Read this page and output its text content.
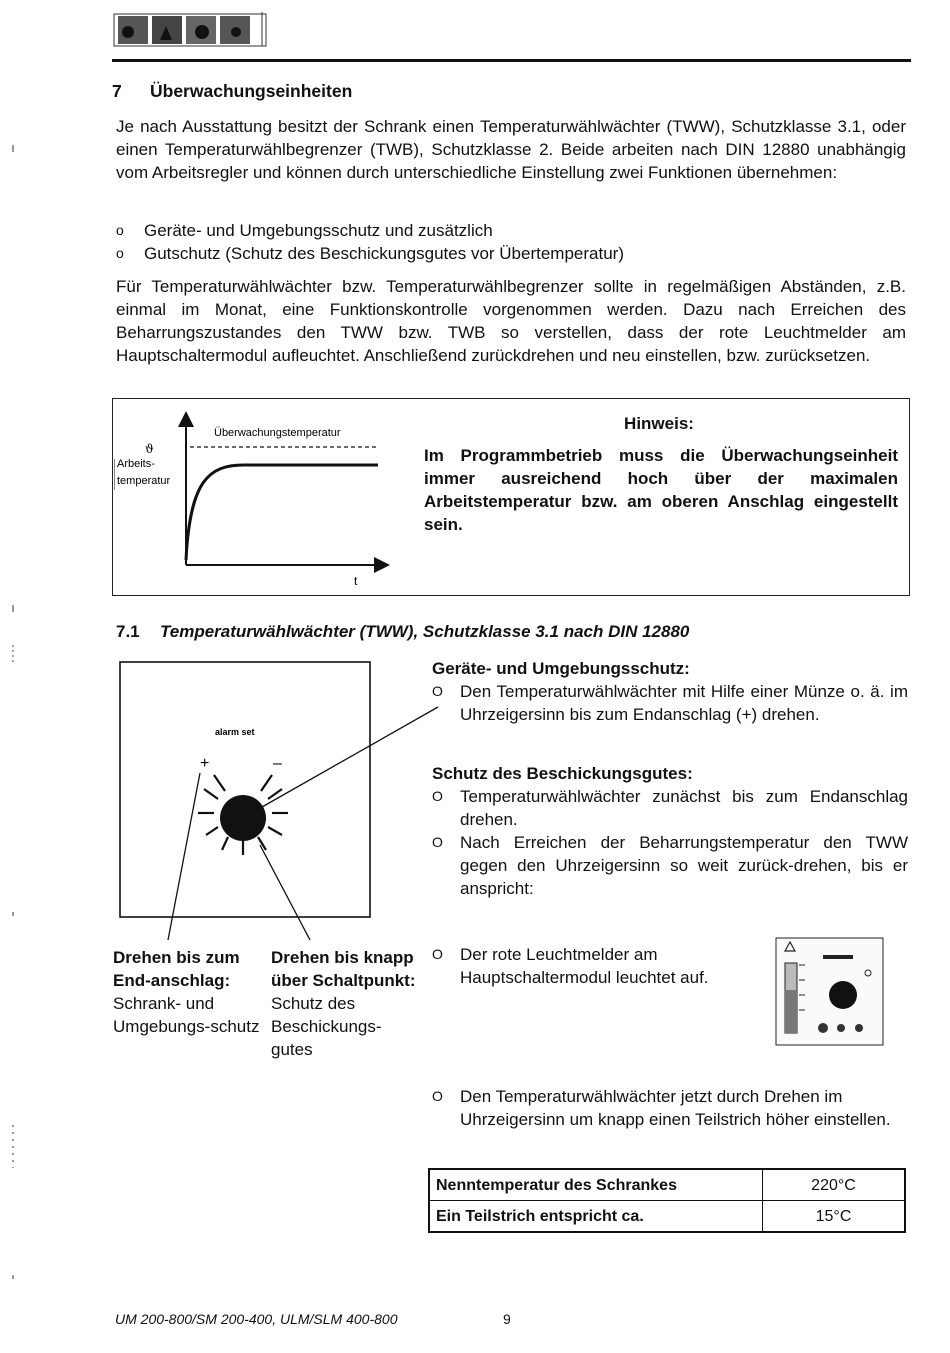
7 Überwachungseinheiten
Je nach Ausstattung besitzt der Schrank einen Temperaturwählwächter (TWW), Schutzklasse 3.1, oder einen Temperaturwählbegrenzer (TWB), Schutzklasse 2. Beide arbeiten nach DIN 12880 unabhängig vom Arbeitsregler und können durch unterschiedliche Einstellung zwei Funktionen übernehmen:
o Geräte- und Umgebungsschutz und zusätzlich
o Gutschutz (Schutz des Beschickungsgutes vor Übertemperatur)
Für Temperaturwählwächter bzw. Temperaturwählbegrenzer sollte in regelmäßigen Abständen, z.B. einmal im Monat, eine Funktionskontrolle vorgenommen werden. Dazu nach Erreichen des Beharrungszustandes den TWW bzw. TWB so verstellen, dass der rote Leuchtmelder am Hauptschaltermodul aufleuchtet. Anschließend zurückdrehen und neu einstellen, bzw. zurücksetzen.
Überwachungstemperatur
ϑ
Arbeits-
temperatur
t
Hinweis:
Im Programmbetrieb muss die Überwachungseinheit immer ausreichend hoch über der maximalen Arbeitstemperatur bzw. am oberen Anschlag eingestellt sein.
7.1 Temperaturwählwächter (TWW), Schutzklasse 3.1 nach DIN 12880
alarm set
+	–
Drehen bis zum End-anschlag:
Schrank- und Umgebungs-schutz
Drehen bis knapp über Schaltpunkt:
Schutz des Beschickungs-gutes
Geräte- und Umgebungsschutz:
O Den Temperaturwählwächter mit Hilfe einer Münze o. ä. im Uhrzeigersinn bis zum Endanschlag (+) drehen.
Schutz des Beschickungsgutes:
O Temperaturwählwächter zunächst bis zum Endanschlag drehen.
O Nach Erreichen der Beharrungstemperatur den TWW gegen den Uhrzeigersinn so weit zurück-drehen, bis er anspricht:
O Der rote Leuchtmelder am Hauptschaltermodul leuchtet auf.
O Den Temperaturwählwächter jetzt durch Drehen im Uhrzeigersinn um knapp einen Teilstrich höher einstellen.
Nenntemperatur des Schrankes	220°C
Ein Teilstrich entspricht ca.	15°C
UM 200-800/SM 200-400, ULM/SLM 400-800	9
